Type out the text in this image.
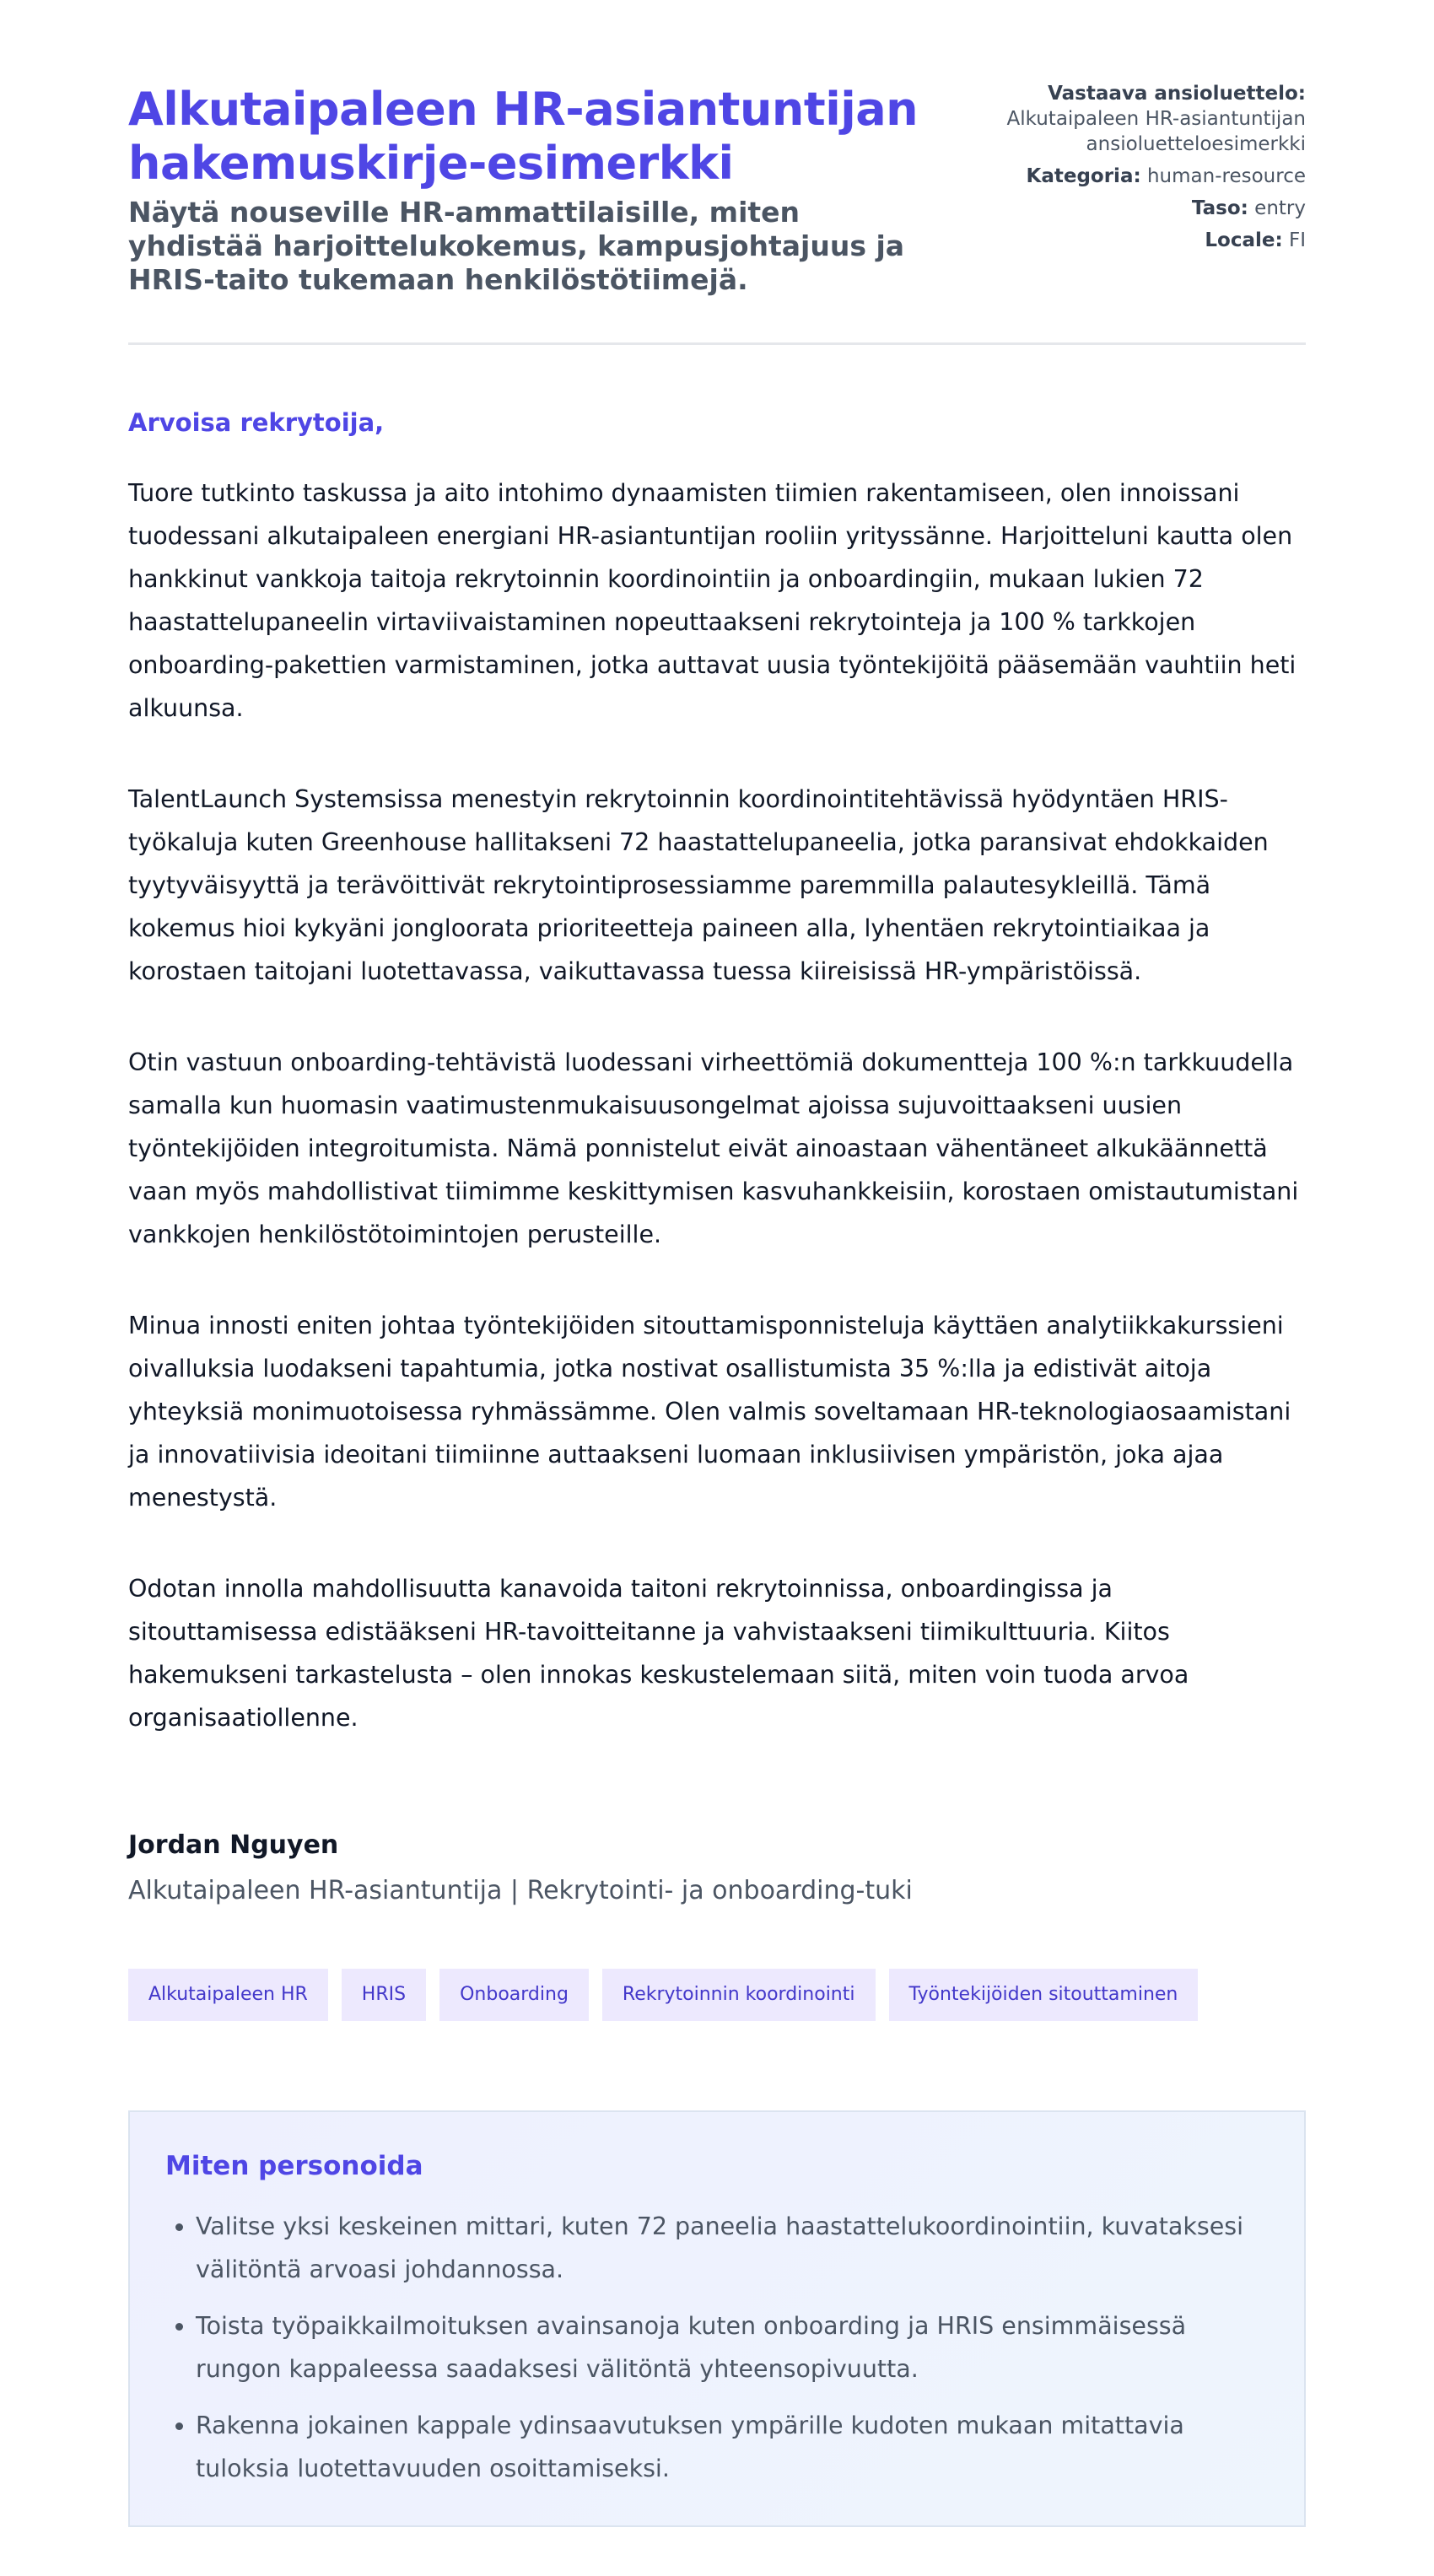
Alkutaipaleen HR-asiantuntijan hakemuskirje-esimerkki
Näytä nouseville HR-ammattilaisille, miten yhdistää harjoittelukokemus, kampusjohtajuus ja HRIS-taito tukemaan henkilöstötiimejä.
Vastaava ansioluettelo:
Alkutaipaleen HR-asiantuntijan ansioluetteloesimerkki
Kategoria: human-resource
Taso: entry
Locale: FI
Arvoisa rekrytoija,

Tuore tutkinto taskussa ja aito intohimo dynaamisten tiimien rakentamiseen, olen innoissani tuodessani alkutaipaleen energiani HR-asiantuntijan rooliin yrityssänne. Harjoitteluni kautta olen hankkinut vankkoja taitoja rekrytoinnin koordinointiin ja onboardingiin, mukaan lukien 72 haastattelupaneelin virtaviivaistaminen nopeuttaakseni rekrytointeja ja 100 % tarkkojen onboarding-pakettien varmistaminen, jotka auttavat uusia työntekijöitä pääsemään vauhtiin heti alkuunsa.

TalentLaunch Systemsissa menestyin rekrytoinnin koordinointitehtävissä hyödyntäen HRIS-työkaluja kuten Greenhouse hallitakseni 72 haastattelupaneelia, jotka paransivat ehdokkaiden tyytyväisyyttä ja terävöittivät rekrytointiprosessiamme paremmilla palautesykleillä. Tämä kokemus hioi kykyäni jongloorata prioriteetteja paineen alla, lyhentäen rekrytointiaikaa ja korostaen taitojani luotettavassa, vaikuttavassa tuessa kiireisissä HR-ympäristöissä.

Otin vastuun onboarding-tehtävistä luodessani virheettömiä dokumentteja 100 %:n tarkkuudella samalla kun huomasin vaatimustenmukaisuusongelmat ajoissa sujuvoittaakseni uusien työntekijöiden integroitumista. Nämä ponnistelut eivät ainoastaan vähentäneet alkukäännettä vaan myös mahdollistivat tiimimme keskittymisen kasvuhankkeisiin, korostaen omistautumistani vankkojen henkilöstötoimintojen perusteille.

Minua innosti eniten johtaa työntekijöiden sitouttamisponnisteluja käyttäen analytiikkakurssieni oivalluksia luodakseni tapahtumia, jotka nostivat osallistumista 35 %:lla ja edistivät aitoja yhteyksiä monimuotoisessa ryhmässämme. Olen valmis soveltamaan HR-teknologiaosaamistani ja innovatiivisia ideoitani tiimiinne auttaakseni luomaan inklusiivisen ympäristön, joka ajaa menestystä.

Odotan innolla mahdollisuutta kanavoida taitoni rekrytoinnissa, onboardingissa ja sitouttamisessa edistääkseni HR-tavoitteitanne ja vahvistaakseni tiimikulttuuria. Kiitos hakemukseni tarkastelusta – olen innokas keskustelemaan siitä, miten voin tuoda arvoa organisaatiollenne.

Jordan Nguyen
Alkutaipaleen HR-asiantuntija | Rekrytointi- ja onboarding-tuki
Alkutaipaleen HR	HRIS	Onboarding	Rekrytoinnin koordinointi	Työntekijöiden sitouttaminen
Miten personoida
• Valitse yksi keskeinen mittari, kuten 72 paneelia haastattelukoordinointiin, kuvataksesi välitöntä arvoasi johdannossa.
• Toista työpaikkailmoituksen avainsanoja kuten onboarding ja HRIS ensimmäisessä rungon kappaleessa saadaksesi välitöntä yhteensopivuutta.
• Rakenna jokainen kappale ydinsaavutuksen ympärille kudoten mukaan mitattavia tuloksia luotettavuuden osoittamiseksi.
